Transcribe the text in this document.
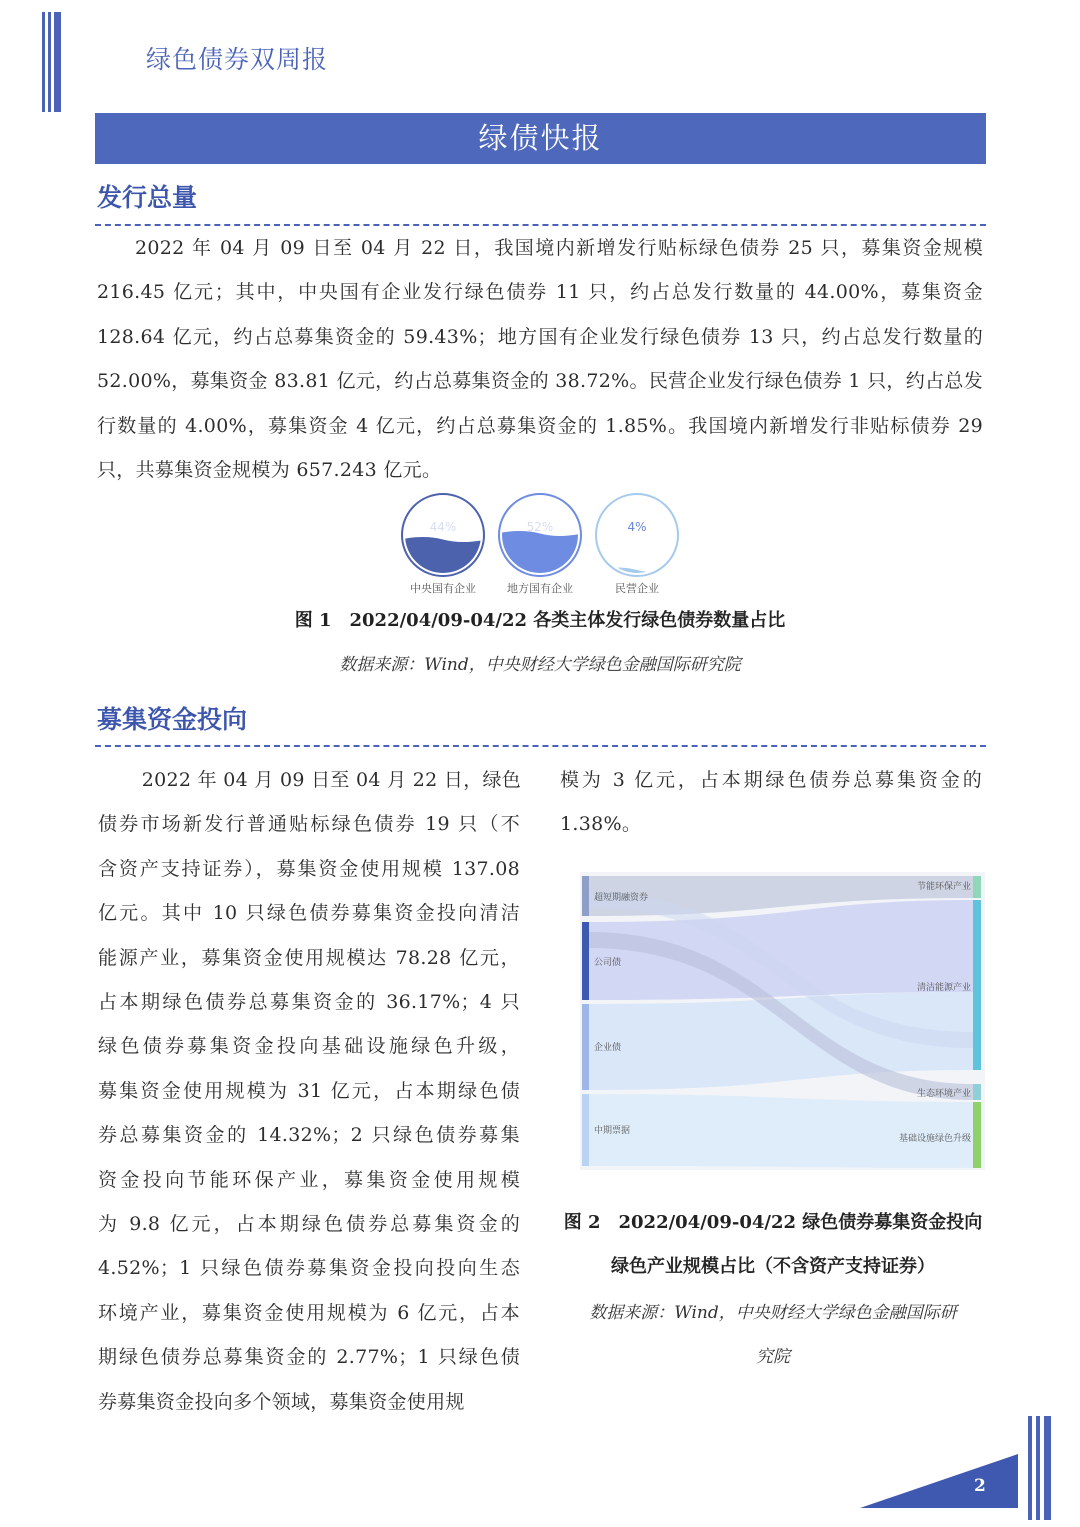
绿色债券双周报
绿债快报
发行总量

2022 年 04 月 09 日至 04 月 22 日，我国境内新增发行贴标绿色债券 25 只，募集资金规模216.45 亿元；其中，中央国有企业发行绿色债券 11 只，约占总发行数量的 44.00%，募集资金128.64 亿元，约占总募集资金的 59.43%；地方国有企业发行绿色债券 13 只，约占总发行数量的 52.00%，募集资金 83.81 亿元，约占总募集资金的 38.72%。民营企业发行绿色债券 1 只，约占总发行数量的 4.00%，募集资金 4 亿元，约占总募集资金的 1.85%。我国境内新增发行非贴标债券 29 只，共募集资金规模为 657.243 亿元。

44%
中央国有企业
52%
地方国有企业
4%
民营企业
图 1　2022/04/09-04/22 各类主体发行绿色债券数量占比
数据来源：Wind，中央财经大学绿色金融国际研究院
募集资金投向
2022 年 04 月 09 日至 04 月 22 日，绿色
债券市场新发行普通贴标绿色债券 19 只（不
含资产支持证券），募集资金使用规模 137.08
亿元。其中 10 只绿色债券募集资金投向清洁
能源产业，募集资金使用规模达 78.28 亿元，
占本期绿色债券总募集资金的 36.17%；4 只
绿色债券募集资金投向基础设施绿色升级，
募集资金使用规模为 31 亿元，占本期绿色债
券总募集资金的 14.32%；2 只绿色债券募集
资金投向节能环保产业，募集资金使用规模
为 9.8 亿元，占本期绿色债券总募集资金的
4.52%；1 只绿色债券募集资金投向投向生态
环境产业，募集资金使用规模为 6 亿元，占本
期绿色债券总募集资金的 2.77%；1 只绿色债
券募集资金投向多个领域，募集资金使用规
模为 3 亿元，占本期绿色债券总募集资金的
1.38%。
超短期融资券
公司债
企业债
中期票据
节能环保产业
清洁能源产业
生态环境产业
基础设施绿色升级
图 2　2022/04/09-04/22 绿色债券募集资金投向
绿色产业规模占比（不含资产支持证券）
数据来源：Wind，中央财经大学绿色金融国际研
究院
2
